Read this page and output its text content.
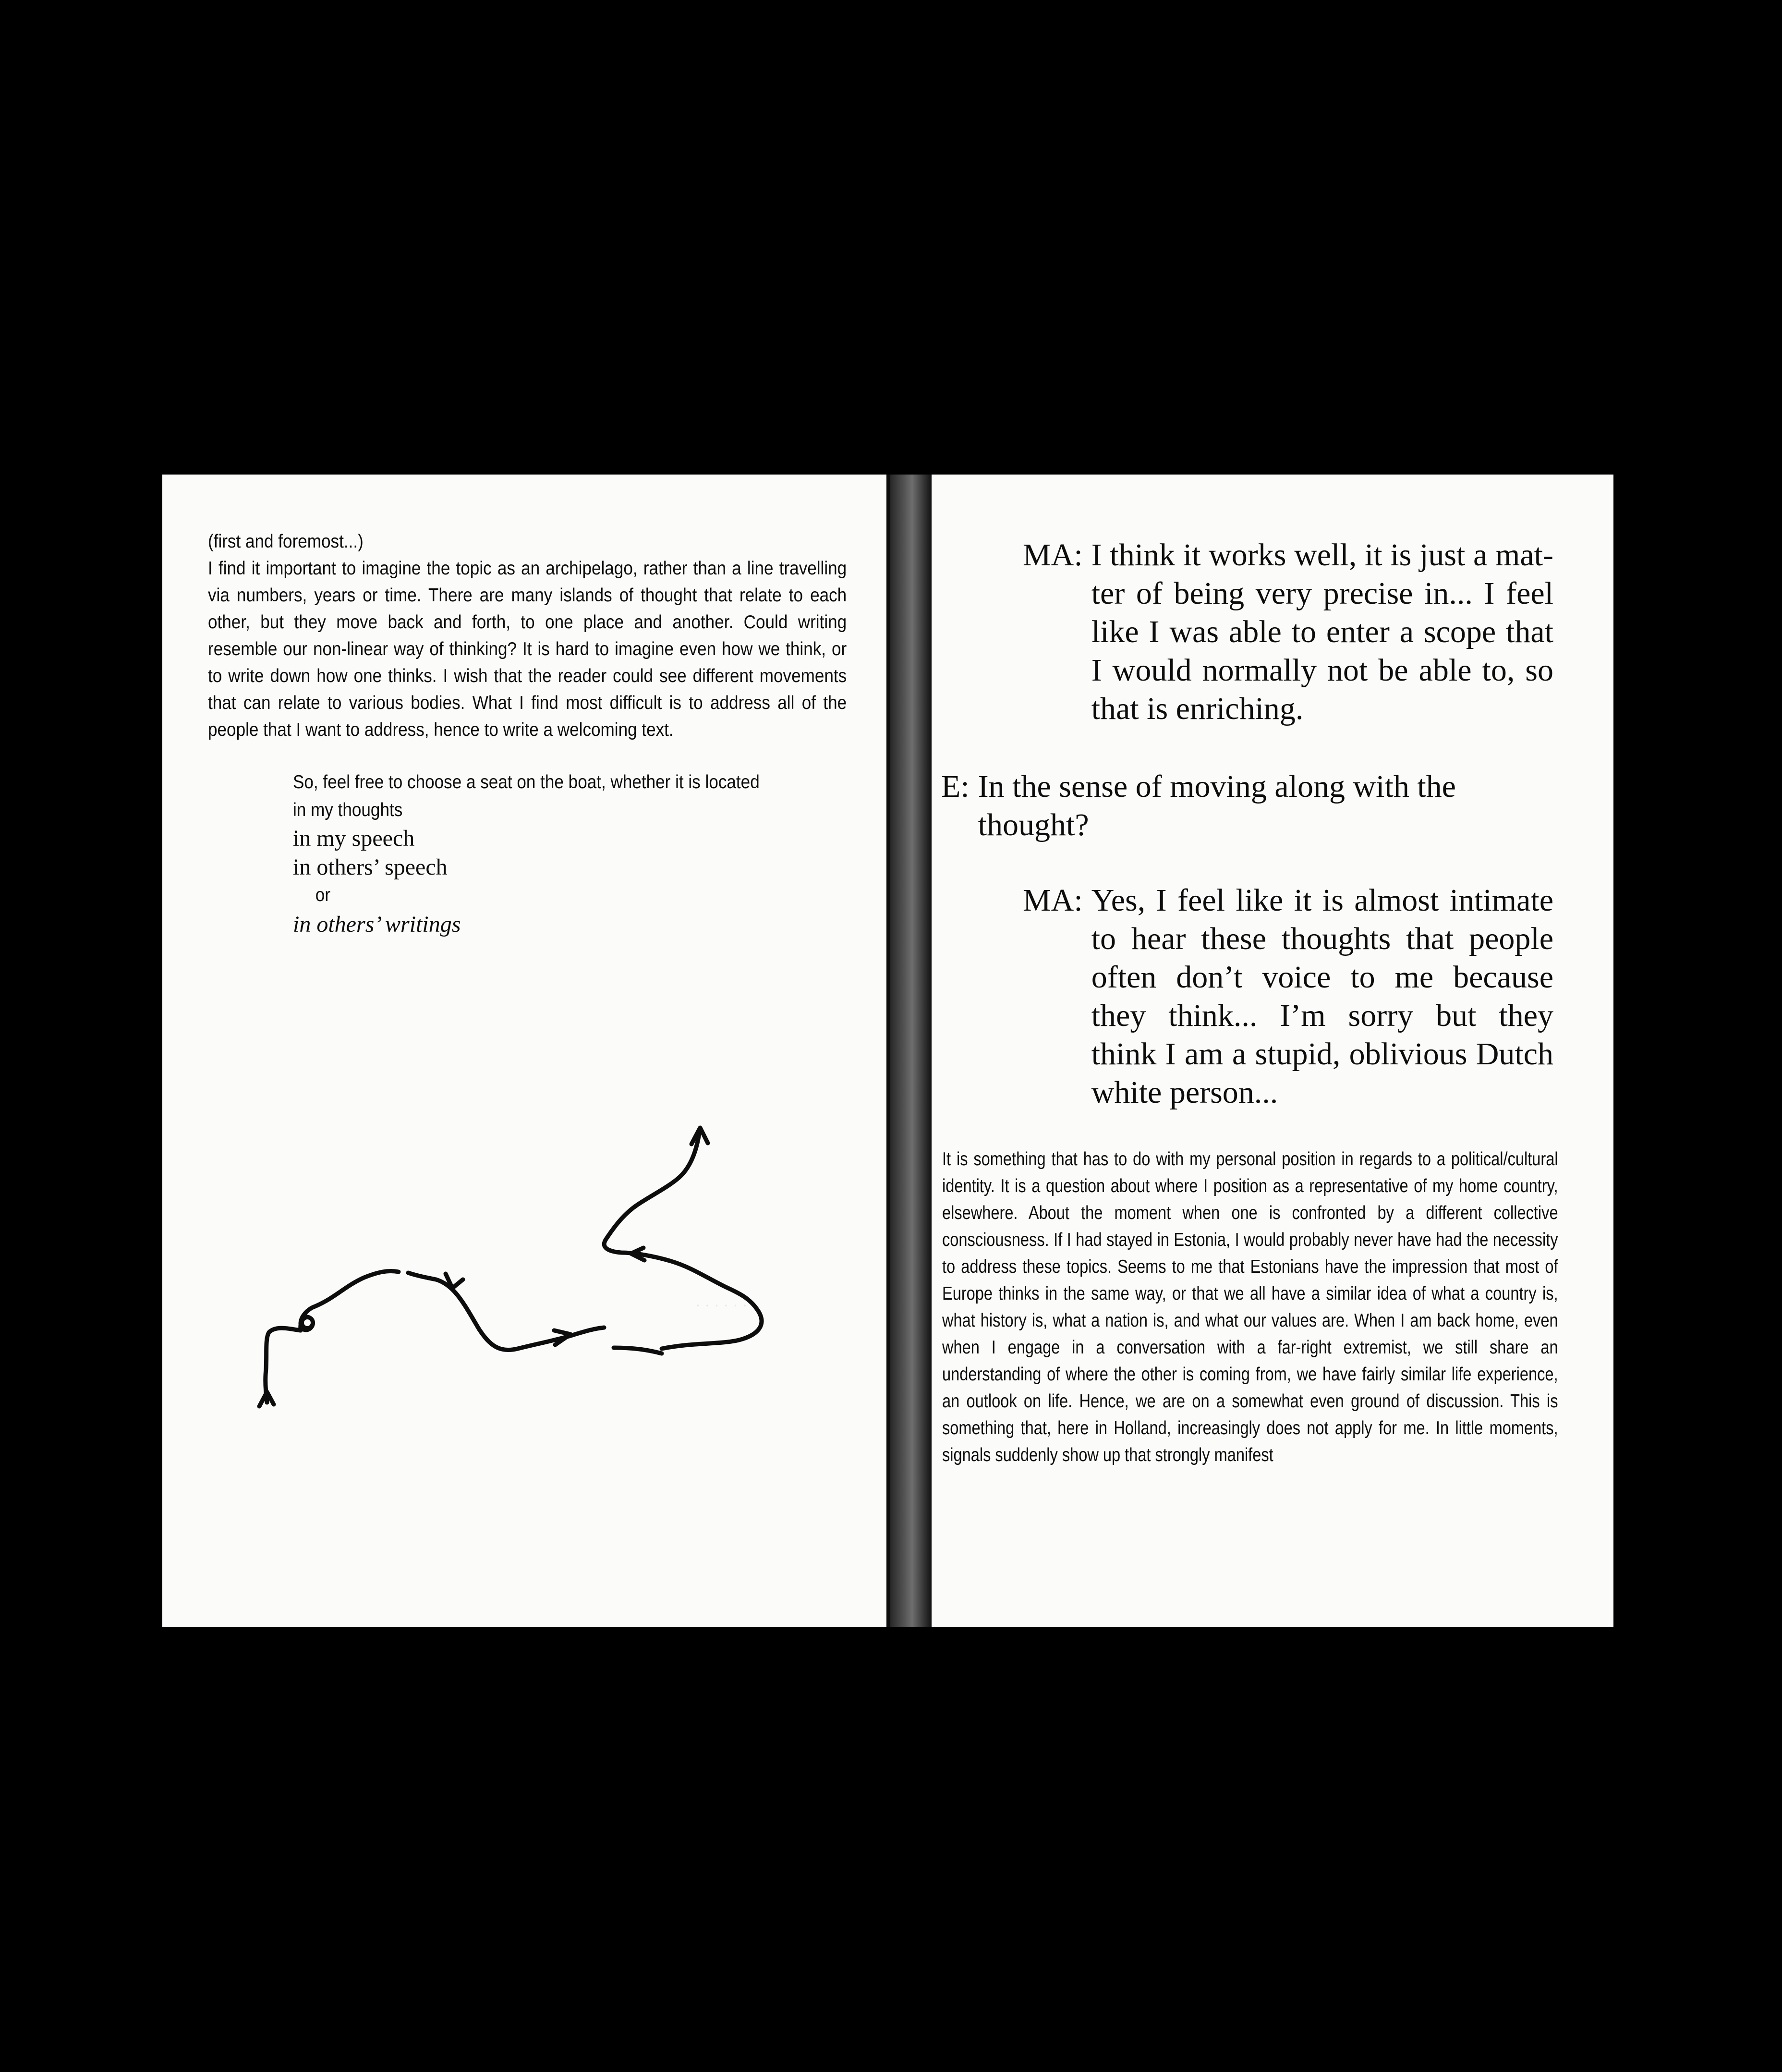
(first and foremost...)

I find it important to imagine the topic as an archipelago, rather than a line travelling via numbers, years or time. There are many islands of thought that relate to each other, but they move back and forth, to one place and another. Could writing resemble our non-linear way of thinking? It is hard to imagine even how we think, or to write down how one thinks. I wish that the reader could see different movements that can relate to various bodies. What I find most difficult is to address all of the people that I want to address, hence to write a welcoming text.

So, feel free to choose a seat on the boat, whether it is located
in my thoughts
in my speech
in others’ speech
or
in others’ writings
· · · · · ·
MA: I think it works well, it is just a matter of being very precise in... I feel like I was able to enter a scope that I would normally not be able to, so that is enriching.
E: In the sense of moving along with the thought?
MA: Yes, I feel like it is almost intimate to hear these thoughts that people often don’t voice to me because they think... I’m sorry but they think I am a stupid, oblivious Dutch white person...

It is something that has to do with my personal position in regards to a political/cultural identity. It is a question about where I position as a representative of my home country, elsewhere. About the moment when one is confronted by a different collective consciousness. If I had stayed in Estonia, I would probably never have had the necessity to address these topics. Seems to me that Estonians have the impression that most of Europe thinks in the same way, or that we all have a similar idea of what a country is, what history is, what a nation is, and what our values are. When I am back home, even when I engage in a conversation with a far-right extremist, we still share an understanding of where the other is coming from, we have fairly similar life experience, an outlook on life. Hence, we are on a somewhat even ground of discussion. This is something that, here in Holland, increasingly does not apply for me. In little moments, signals suddenly show up that strongly manifest
